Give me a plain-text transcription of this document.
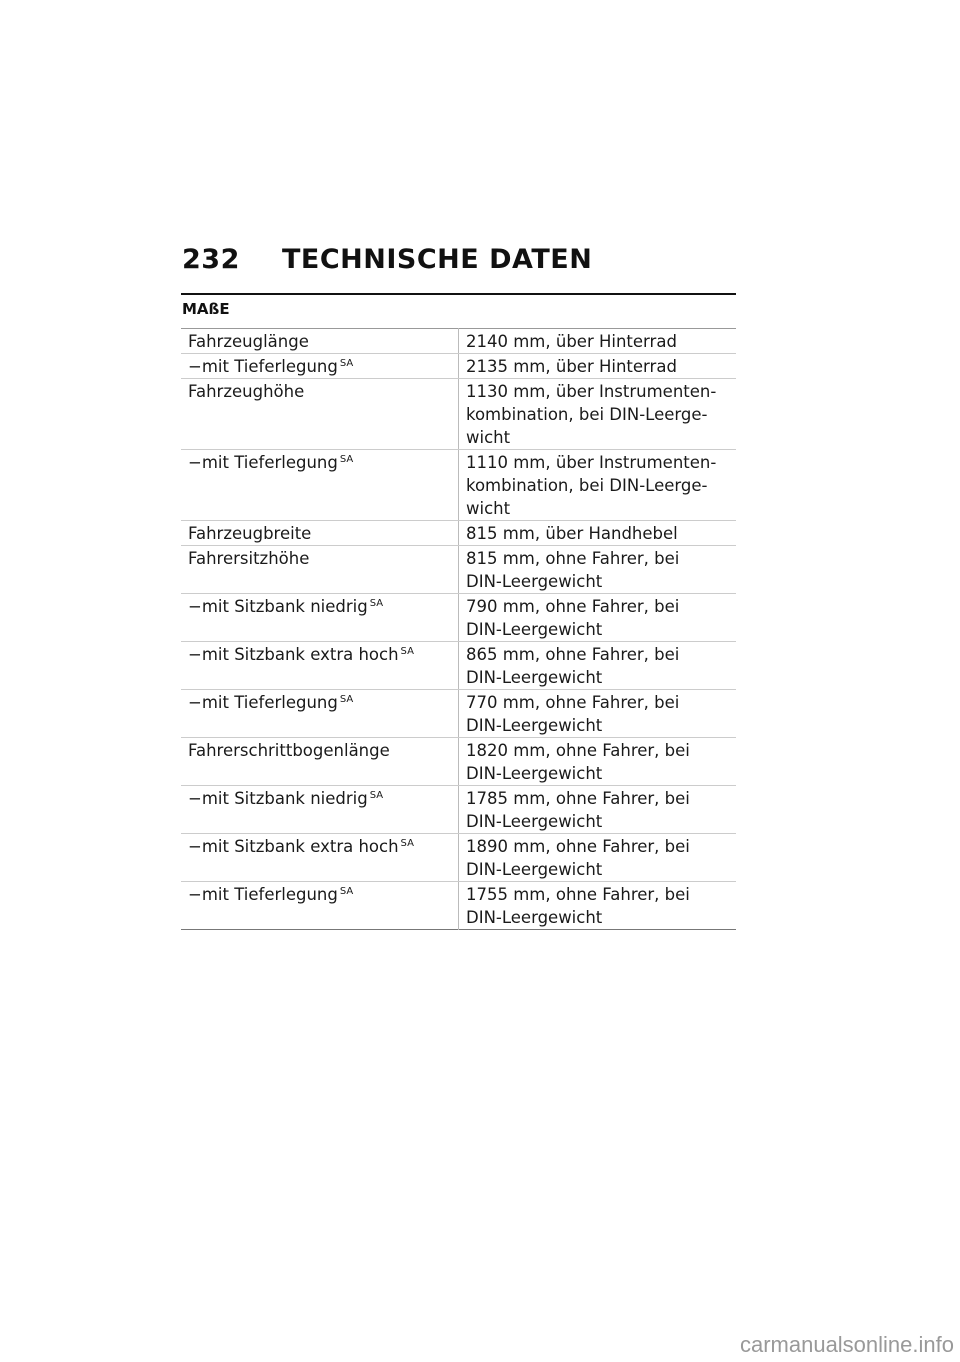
232 TECHNISCHE DATEN
MAßE
Fahrzeuglänge	2140 mm, über Hinterrad
−mit Tieferlegung $^{SA}$	2135 mm, über Hinterrad
Fahrzeughöhe	1130 mm, über Instrumenten-
kombination, bei DIN-Leerge-
wicht
−mit Tieferlegung $^{SA}$	1110 mm, über Instrumenten-
kombination, bei DIN-Leerge-
wicht
Fahrzeugbreite	815 mm, über Handhebel
Fahrersitzhöhe	815 mm, ohne Fahrer, bei
DIN-Leergewicht
−mit Sitzbank niedrig $^{SA}$	790 mm, ohne Fahrer, bei
DIN-Leergewicht
−mit Sitzbank extra hoch $^{SA}$	865 mm, ohne Fahrer, bei
DIN-Leergewicht
−mit Tieferlegung $^{SA}$	770 mm, ohne Fahrer, bei
DIN-Leergewicht
Fahrerschrittbogenlänge	1820 mm, ohne Fahrer, bei
DIN-Leergewicht
−mit Sitzbank niedrig $^{SA}$	1785 mm, ohne Fahrer, bei
DIN-Leergewicht
−mit Sitzbank extra hoch $^{SA}$	1890 mm, ohne Fahrer, bei
DIN-Leergewicht
−mit Tieferlegung $^{SA}$	1755 mm, ohne Fahrer, bei
DIN-Leergewicht
carmanualsonline.info
